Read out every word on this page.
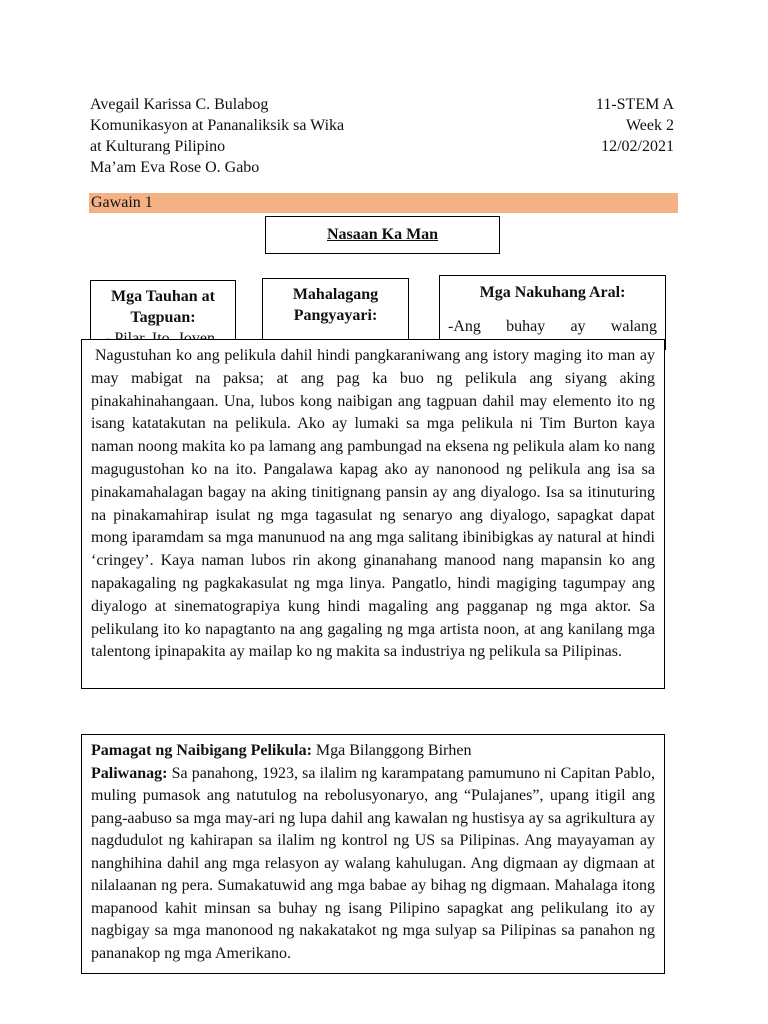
Avegail Karissa C. Bulabog
Komunikasyon at Pananaliksik sa Wika
at Kulturang Pilipino
Ma’am Eva Rose O. Gabo
11-STEM A
Week 2
12/02/2021
Gawain 1
Nasaan Ka Man
Mga Tauhan at Tagpuan:
Mahalagang Pangyayari:
Mga Nakuhang Aral:
-Ang buhay ay walang
Nagustuhan ko ang pelikula dahil hindi pangkaraniwang ang istory maging ito man ay may mabigat na paksa; at ang pag ka buo ng pelikula ang siyang aking pinakahinahangaan. Una, lubos kong naibigan ang tagpuan dahil may elemento ito ng isang katatakutan na pelikula. Ako ay lumaki sa mga pelikula ni Tim Burton kaya naman noong makita ko pa lamang ang pambungad na eksena ng pelikula alam ko nang magugustohan ko na ito. Pangalawa kapag ako ay nanonood ng pelikula ang isa sa pinakamahalagan bagay na aking tinitignang pansin ay ang diyalogo. Isa sa itinuturing na pinakamahirap isulat ng mga tagasulat ng senaryo ang diyalogo, sapagkat dapat mong iparamdam sa mga manunuod na ang mga salitang ibinibigkas ay natural at hindi ‘cringey’. Kaya naman lubos rin akong ginanahang manood nang mapansin ko ang napakagaling ng pagkakasulat ng mga linya. Pangatlo, hindi magiging tagumpay ang diyalogo at sinematograpiya kung hindi magaling ang pagganap ng mga aktor. Sa pelikulang ito ko napagtanto na ang gagaling ng mga artista noon, at ang kanilang mga talentong ipinapakita ay mailap ko ng makita sa industriya ng pelikula sa Pilipinas.

Pamagat ng Naibigang Pelikula: Mga Bilanggong Birhen

Paliwanag: Sa panahong, 1923, sa ilalim ng karampatang pamumuno ni Capitan Pablo, muling pumasok ang natutulog na rebolusyonaryo, ang “Pulajanes”, upang itigil ang pang-aabuso sa mga may-ari ng lupa dahil ang kawalan ng hustisya ay sa agrikultura ay nagdudulot ng kahirapan sa ilalim ng kontrol ng US sa Pilipinas. Ang mayayaman ay nanghihina dahil ang mga relasyon ay walang kahulugan. Ang digmaan ay digmaan at nilalaanan ng pera. Sumakatuwid ang mga babae ay bihag ng digmaan. Mahalaga itong mapanood kahit minsan sa buhay ng isang Pilipino sapagkat ang pelikulang ito ay nagbigay sa mga manonood ng nakakatakot ng mga sulyap sa Pilipinas sa panahon ng pananakop ng mga Amerikano.
